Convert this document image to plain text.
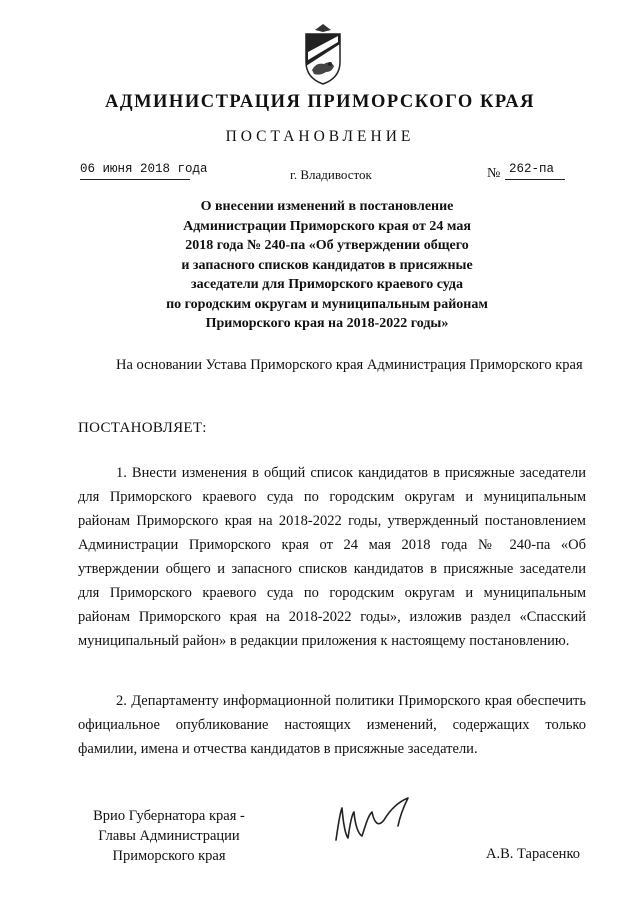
АДМИНИСТРАЦИЯ ПРИМОРСКОГО КРАЯ
ПОСТАНОВЛЕНИЕ
06 июня 2018 года	г. Владивосток	№ 262-па
О внесении изменений в постановление
Администрации Приморского края от 24 мая
2018 года № 240-па «Об утверждении общего
и запасного списков кандидатов в присяжные
заседатели для Приморского краевого суда
по городским округам и муниципальным районам
Приморского края на 2018-2022 годы»
На основании Устава Приморского края Администрация Приморского края
ПОСТАНОВЛЯЕТ:
1. Внести изменения в общий список кандидатов в присяжные заседатели для Приморского краевого суда по городским округам и муниципальным районам Приморского края на 2018-2022 годы, утвержденный постановлением Администрации Приморского края от 24 мая 2018 года № 240-па «Об утверждении общего и запасного списков кандидатов в присяжные заседатели для Приморского краевого суда по городским округам и муниципальным районам Приморского края на 2018-2022 годы», изложив раздел «Спасский муниципальный район» в редакции приложения к настоящему постановлению.
2. Департаменту информационной политики Приморского края обеспечить официальное опубликование настоящих изменений, содержащих только фамилии, имена и отчества кандидатов в присяжные заседатели.
Врио Губернатора края -
Главы Администрации
Приморского края	А.В. Тарасенко
